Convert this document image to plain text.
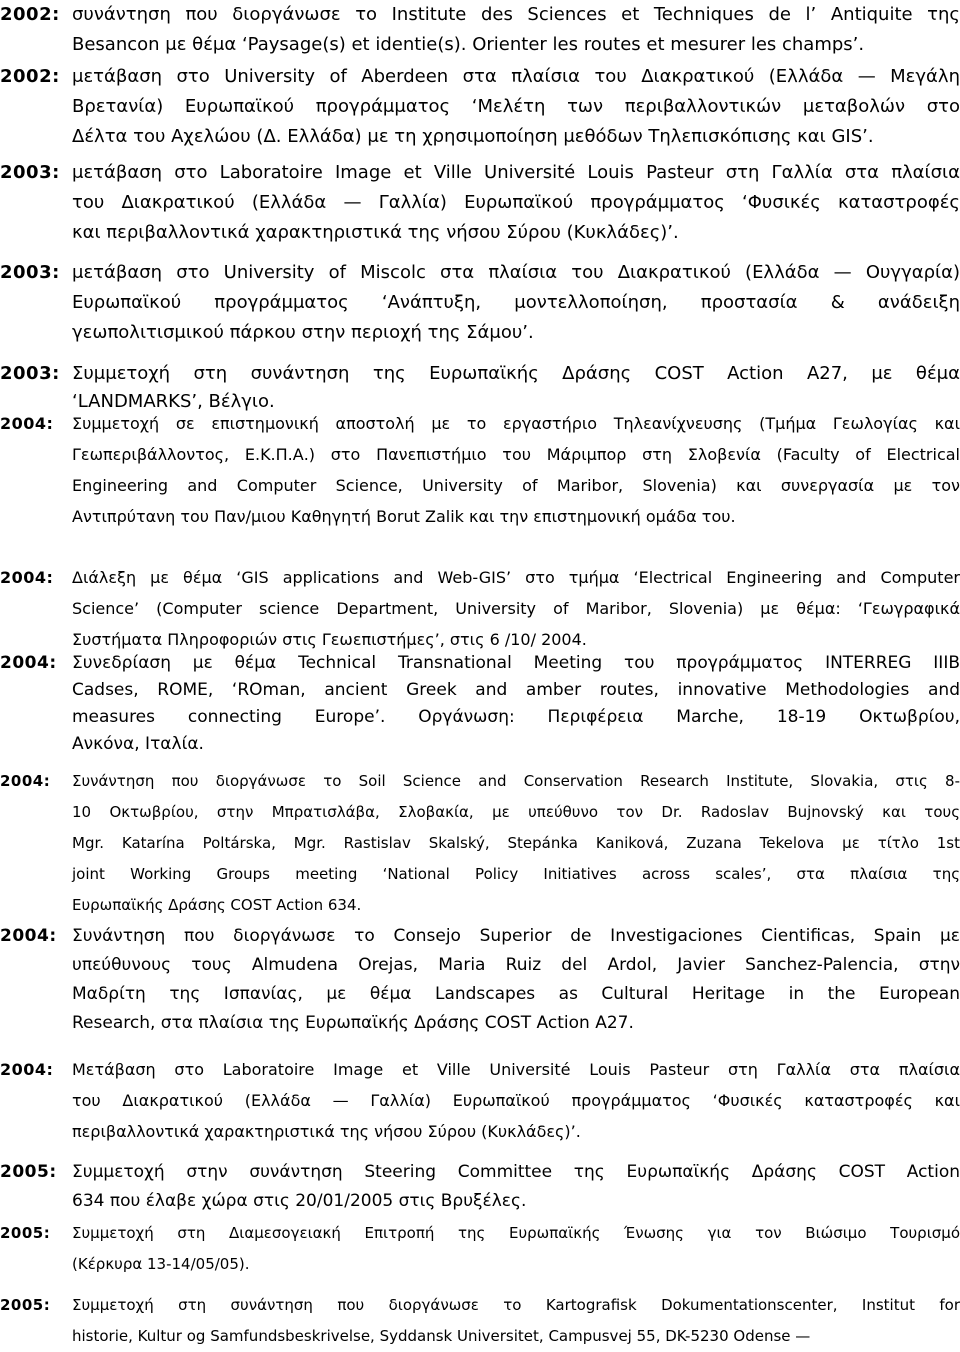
2002: συνάντηση που διοργάνωσε το Institute des Sciences et Techniques de l’ Antiquite της
Besancon με θέμα ‘Paysage(s) et identie(s). Orienter les routes et mesurer les champs’.
2002: μετάβαση στο University of Aberdeen στα πλαίσια του Διακρατικού (Ελλάδα — Μεγάλη
Βρετανία) Ευρωπαϊκού προγράμματος ‘Μελέτη των περιβαλλοντικών μεταβολών στο
Δέλτα του Αχελώου (Δ. Ελλάδα) με τη χρησιμοποίηση μεθόδων Τηλεπισκόπισης και GIS’.
2003: μετάβαση στο Laboratoire Image et Ville Université Louis Pasteur στη Γαλλία στα πλαίσια
του Διακρατικού (Ελλάδα — Γαλλία) Ευρωπαϊκού προγράμματος ‘Φυσικές καταστροφές
και περιβαλλοντικά χαρακτηριστικά της νήσου Σύρου (Κυκλάδες)’.
2003: μετάβαση στο University of Miscolc στα πλαίσια του Διακρατικού (Ελλάδα — Ουγγαρία)
Ευρωπαϊκού προγράμματος ‘Ανάπτυξη, μοντελλοποίηση, προστασία & ανάδειξη
γεωπολιτισμικού πάρκου στην περιοχή της Σάμου’.
2003: Συμμετοχή στη συνάντηση της Ευρωπαϊκής Δράσης COST Action A27, με θέμα
‘LANDMARKS’, Βέλγιο.
2004: Συμμετοχή σε επιστημονική αποστολή με το εργαστήριο Τηλεανίχνευσης (Τμήμα Γεωλογίας και
Γεωπεριβάλλοντος, Ε.Κ.Π.Α.) στο Πανεπιστήμιο του Μάριμπορ στη Σλοβενία (Faculty of Electrical
Engineering and Computer Science, University of Maribor, Slovenia) και συνεργασία με τον
Αντιπρύτανη του Παν/μιου Καθηγητή Borut Zalik και την επιστημονική ομάδα του.
2004: Διάλεξη με θέμα ‘GIS applications and Web-GIS’ στο τμήμα ‘Electrical Engineering and Computer
Science’ (Computer science Department, University of Maribor, Slovenia) με θέμα: ‘Γεωγραφικά
Συστήματα Πληροφοριών στις Γεωεπιστήμες’, στις 6 /10/ 2004.
2004: Συνεδρίαση με θέμα Technical Transnational Meeting του προγράμματος INTERREG IIIB
Cadses, ROME, ‘ROman, ancient Greek and amber routes, innovative Methodologies and
measures connecting Europe’. Οργάνωση: Περιφέρεια Marche, 18-19 Οκτωβρίου,
Ανκόνα, Ιταλία.
2004: Συνάντηση που διοργάνωσε το Soil Science and Conservation Research Institute, Slovakia, στις 8-
10 Οκτωβρίου, στην Μπρατισλάβα, Σλοβακία, με υπεύθυνο τον Dr. Radoslav Bujnovský και τους
Mgr. Katarína Poltárska, Mgr. Rastislav Skalský, Stepánka Kaniková, Zuzana Tekelova με τίτλο 1st
joint Working Groups meeting ‘National Policy Initiatives across scales’, στα πλαίσια της
Ευρωπαϊκής Δράσης COST Action 634.
2004: Συνάντηση που διοργάνωσε το Consejo Superior de Investigaciones Cientificas, Spain με
υπεύθυνους τους Almudena Orejas, Maria Ruiz del Ardol, Javier Sanchez-Palencia, στην
Μαδρίτη της Ισπανίας, με θέμα Landscapes as Cultural Heritage in the European
Research, στα πλαίσια της Ευρωπαϊκής Δράσης COST Action A27.
2004: Μετάβαση στο Laboratoire Image et Ville Université Louis Pasteur στη Γαλλία στα πλαίσια
του Διακρατικού (Ελλάδα — Γαλλία) Ευρωπαϊκού προγράμματος ‘Φυσικές καταστροφές και
περιβαλλοντικά χαρακτηριστικά της νήσου Σύρου (Κυκλάδες)’.
2005: Συμμετοχή στην συνάντηση Steering Committee της Ευρωπαϊκής Δράσης COST Action
634 που έλαβε χώρα στις 20/01/2005 στις Βρυξέλες.
2005: Συμμετοχή στη Διαμεσογειακή Επιτροπή της Ευρωπαϊκής Ένωσης για τον Βιώσιμο Τουρισμό
(Κέρκυρα 13-14/05/05).
2005: Συμμετοχή στη συνάντηση που διοργάνωσε το Kartografisk Dokumentationscenter, Institut for
historie, Kultur og Samfundsbeskrivelse, Syddansk Universitet, Campusvej 55, DK-5230 Odense —
